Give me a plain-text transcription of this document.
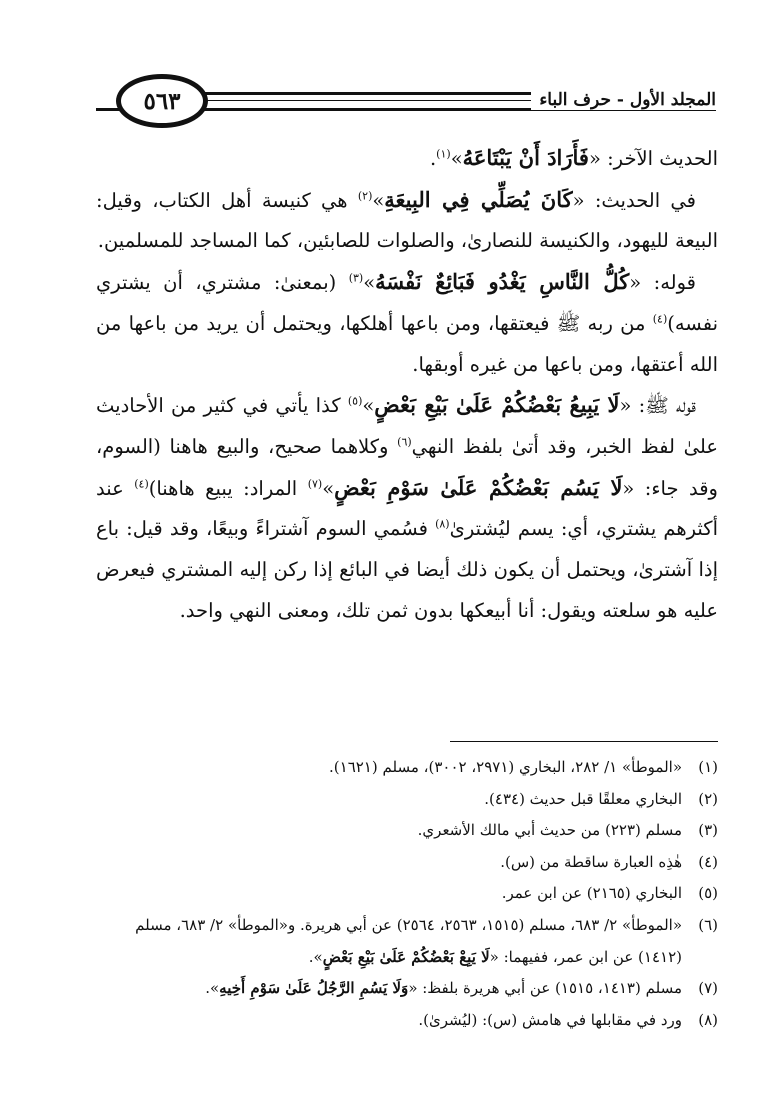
٥٦٣	المجلد الأول - حرف الباء

الحديث الآخر: «فَأَرَادَ أَنْ يَبْتَاعَهُ»$^{(١)}$.

في الحديث: «كَانَ يُصَلِّي فِي البِيعَةِ»$^{(٢)}$ هي كنيسة أهل الكتاب، وقيل: البيعة لليهود، والكنيسة للنصارىٰ، والصلوات للصابئين، كما المساجد للمسلمين.

قوله: «كُلُّ النَّاسِ يَغْدُو فَبَائِعٌ نَفْسَهُ»$^{(٣)}$ (بمعنىٰ: مشتري، أن يشتري نفسه)$^{(٤)}$ من ربه ﷺ فيعتقها، ومن باعها أهلكها، ويحتمل أن يريد من باعها من الله أعتقها، ومن باعها من غيره أوبقها.

قوله ﷺ: «لَا يَبِيعُ بَعْضُكُمْ عَلَىٰ بَيْعِ بَعْضٍ»$^{(٥)}$ كذا يأتي في كثير من الأحاديث علىٰ لفظ الخبر، وقد أتىٰ بلفظ النهي$^{(٦)}$ وكلاهما صحيح، والبيع هاهنا (السوم، وقد جاء: «لَا يَسُم بَعْضُكُمْ عَلَىٰ سَوْمِ بَعْضٍ»$^{(٧)}$ المراد: يبيع هاهنا)$^{(٤)}$ عند أكثرهم يشتري، أي: يسم ليُشترىٰ$^{(٨)}$ فسُمي السوم آشتراءً وبيعًا، وقد قيل: باع إذا آشترىٰ، ويحتمل أن يكون ذلك أيضا في البائع إذا ركن إليه المشتري فيعرض عليه هو سلعته ويقول: أنا أبيعكها بدون ثمن تلك، ومعنى النهي واحد.

(١)
«الموطأ» ١/ ٢٨٢، البخاري (٢٩٧١، ٣٠٠٢)، مسلم (١٦٢١).
(٢)
البخاري معلقًا قبل حديث (٤٣٤).
(٣)
مسلم (٢٢٣) من حديث أبي مالك الأشعري.
(٤)
هٰذِه العبارة ساقطة من (س).
(٥)
البخاري (٢١٦٥) عن ابن عمر.
(٦)
«الموطأ» ٢/ ٦٨٣، مسلم (١٥١٥، ٢٥٦٣، ٢٥٦٤) عن أبي هريرة. و«الموطأ» ٢/ ٦٨٣، مسلم (١٤١٢) عن ابن عمر، ففيهما: «لَا يَبِعْ بَعْضُكُمْ عَلَىٰ بَيْعِ بَعْضٍ».
(٧)
مسلم (١٤١٣، ١٥١٥) عن أبي هريرة بلفظ: «وَلَا يَسُمِ الرَّجُلُ عَلَىٰ سَوْمِ أَخِيهِ».
(٨)
ورد في مقابلها في هامش (س): (ليُشرىٰ).
